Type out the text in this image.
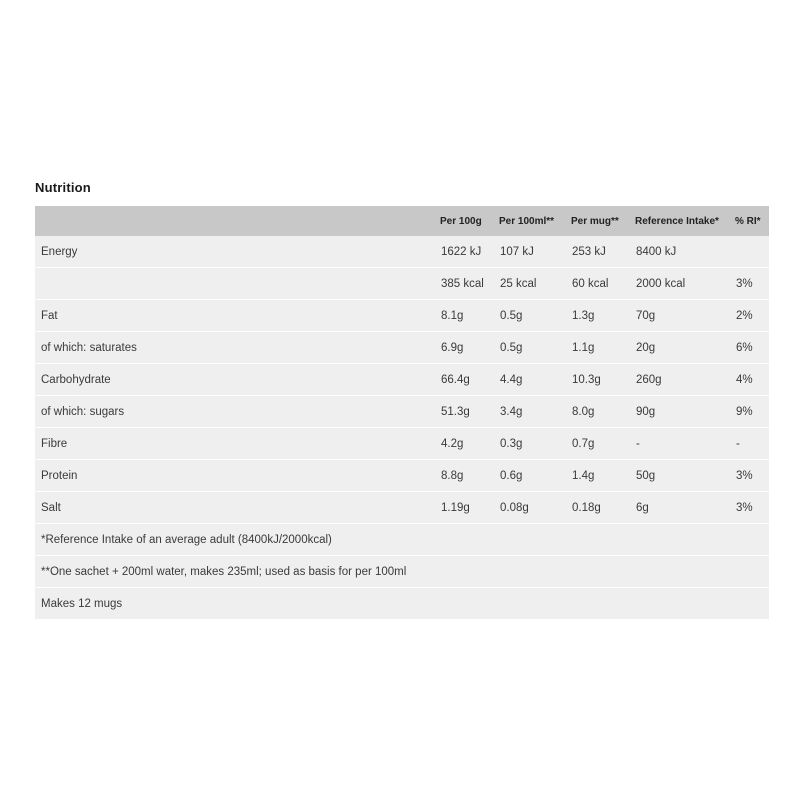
Nutrition
	Per 100g	Per 100ml**	Per mug**	Reference Intake*	% RI*
Energy	1622 kJ	107 kJ	253 kJ	8400 kJ	
	385 kcal	25 kcal	60 kcal	2000 kcal	3%
Fat	8.1g	0.5g	1.3g	70g	2%
of which: saturates	6.9g	0.5g	1.1g	20g	6%
Carbohydrate	66.4g	4.4g	10.3g	260g	4%
of which: sugars	51.3g	3.4g	8.0g	90g	9%
Fibre	4.2g	0.3g	0.7g	-	-
Protein	8.8g	0.6g	1.4g	50g	3%
Salt	1.19g	0.08g	0.18g	6g	3%
*Reference Intake of an average adult (8400kJ/2000kcal)					
**One sachet + 200ml water, makes 235ml; used as basis for per 100ml					
Makes 12 mugs					
